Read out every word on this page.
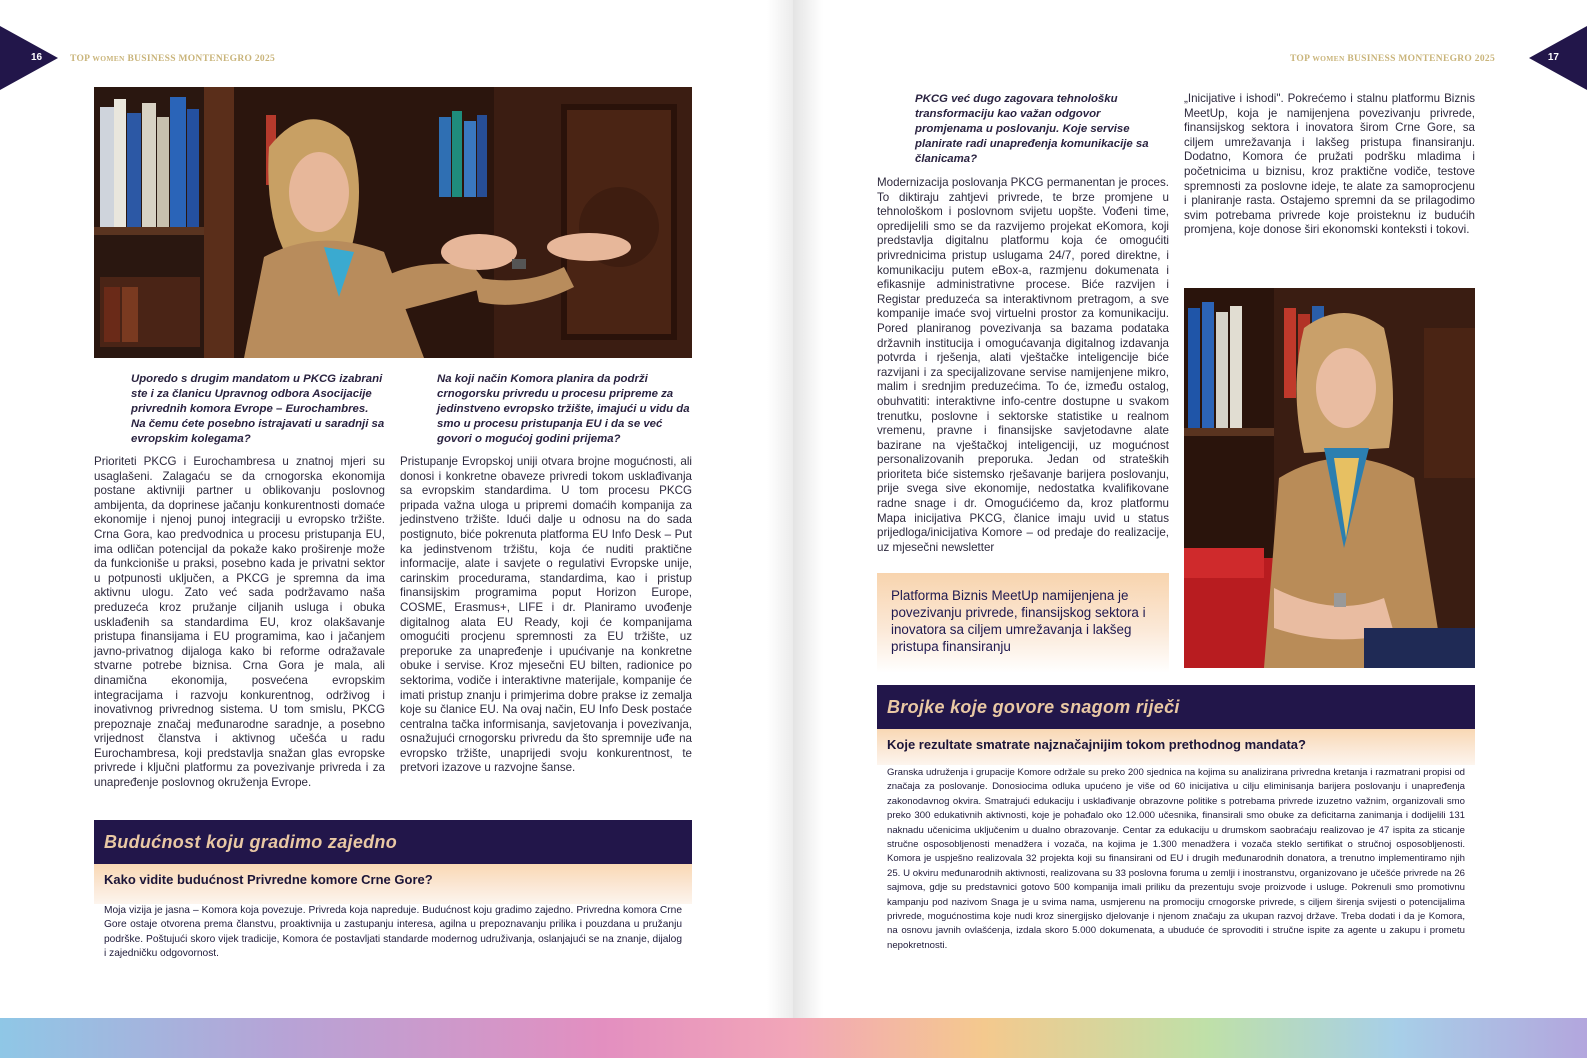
16	TOP WOMEN BUSINESS MONTENEGRO 2025

Uporedo s drugim mandatom u PKCG izabrani ste i za članicu Upravnog odbora Asocijacije privrednih komora Evrope – Eurochambres. Na čemu ćete posebno istrajavati u saradnji sa evropskim kolegama?

Na koji način Komora planira da podrži crnogorsku privredu u procesu pripreme za jedinstveno evropsko tržište, imajući u vidu da smo u procesu pristupanja EU i da se već govori o mogućoj godini prijema?

Prioriteti PKCG i Eurochambresa u znatnoj mjeri su usaglašeni. Zalagaću se da crnogorska ekonomija postane aktivniji partner u oblikovanju poslovnog ambijenta, da doprinese jačanju konkurentnosti domaće ekonomije i njenoj punoj integraciji u evropsko tržište. Crna Gora, kao predvodnica u procesu pristupanja EU, ima odličan potencijal da pokaže kako proširenje može da funkcioniše u praksi, posebno kada je privatni sektor u potpunosti uključen, a PKCG je spremna da ima aktivnu ulogu. Zato već sada podržavamo naša preduzeća kroz pružanje ciljanih usluga i obuka usklađenih sa standardima EU, kroz olakšavanje pristupa finansijama i EU programima, kao i jačanjem javno-privatnog dijaloga kako bi reforme odražavale stvarne potrebe biznisa. Crna Gora je mala, ali dinamična ekonomija, posvećena evropskim integracijama i razvoju konkurentnog, održivog i inovativnog privrednog sistema. U tom smislu, PKCG prepoznaje značaj međunarodne saradnje, a posebno vrijednost članstva i aktivnog učešća u radu Eurochambresa, koji predstavlja snažan glas evropske privrede i ključni platformu za povezivanje privreda i za unapređenje poslovnog okruženja Evrope.

Pristupanje Evropskoj uniji otvara brojne mogućnosti, ali donosi i konkretne obaveze privredi tokom usklađivanja sa evropskim standardima. U tom procesu PKCG pripada važna uloga u pripremi domaćih kompanija za jedinstveno tržište. Idući dalje u odnosu na do sada postignuto, biće pokrenuta platforma EU Info Desk – Put ka jedinstvenom tržištu, koja će nuditi praktične informacije, alate i savjete o regulativi Evropske unije, carinskim procedurama, standardima, kao i pristup finansijskim programima poput Horizon Europe, COSME, Erasmus+, LIFE i dr. Planiramo uvođenje digitalnog alata EU Ready, koji će kompanijama omogućiti procjenu spremnosti za EU tržište, uz preporuke za unapređenje i upućivanje na konkretne obuke i servise. Kroz mjesečni EU bilten, radionice po sektorima, vodiče i interaktivne materijale, kompanije će imati pristup znanju i primjerima dobre prakse iz zemalja koje su članice EU. Na ovaj način, EU Info Desk postaće centralna tačka informisanja, savjetovanja i povezivanja, osnažujući crnogorsku privredu da što spremnije uđe na evropsko tržište, unaprijedi svoju konkurentnost, te pretvori izazove u razvojne šanse.

Budućnost koju gradimo zajedno
Kako vidite budućnost Privredne komore Crne Gore?

Moja vizija je jasna – Komora koja povezuje. Privreda koja napreduje. Budućnost koju gradimo zajedno. Privredna komora Crne Gore ostaje otvorena prema članstvu, proaktivnija u zastupanju interesa, agilna u prepoznavanju prilika i pouzdana u pružanju podrške. Poštujući skoro vijek tradicije, Komora će postavljati standarde modernog udruživanja, oslanjajući se na znanje, dijalog i zajedničku odgovornost.

17
TOP WOMEN BUSINESS MONTENEGRO 2025

PKCG već dugo zagovara tehnološku transformaciju kao važan odgovor promjenama u poslovanju. Koje servise planirate radi unapređenja komunikacije sa članicama?

Modernizacija poslovanja PKCG permanentan je proces. To diktiraju zahtjevi privrede, te brze promjene u tehnološkom i poslovnom svijetu uopšte. Vođeni time, opredijelili smo se da razvijemo projekat eKomora, koji predstavlja digitalnu platformu koja će omogućiti privrednicima pristup uslugama 24/7, pored direktne, i komunikaciju putem eBox-a, razmjenu dokumenata i efikasnije administrativne procese. Biće razvijen i Registar preduzeća sa interaktivnom pretragom, a sve kompanije imaće svoj virtuelni prostor za komunikaciju. Pored planiranog povezivanja sa bazama podataka državnih institucija i omogućavanja digitalnog izdavanja potvrda i rješenja, alati vještačke inteligencije biće razvijani i za specijalizovane servise namijenjene mikro, malim i srednjim preduzećima. To će, između ostalog, obuhvatiti: interaktivne info-centre dostupne u svakom trenutku, poslovne i sektorske statistike u realnom vremenu, pravne i finansijske savjetodavne alate bazirane na vještačkoj inteligenciji, uz mogućnost personalizovanih preporuka. Jedan od strateških prioriteta biće sistemsko rješavanje barijera poslovanju, prije svega sive ekonomije, nedostatka kvalifikovane radne snage i dr. Omogućićemo da, kroz platformu Mapa inicijativa PKCG, članice imaju uvid u status prijedloga/inicijativa Komore – od predaje do realizacije, uz mjesečni newsletter

„Inicijative i ishodi". Pokrećemo i stalnu platformu Biznis MeetUp, koja je namijenjena povezivanju privrede, finansijskog sektora i inovatora širom Crne Gore, sa ciljem umrežavanja i lakšeg pristupa finansiranju. Dodatno, Komora će pružati podršku mladima i početnicima u biznisu, kroz praktične vodiče, testove spremnosti za poslovne ideje, te alate za samoprocjenu i planiranje rasta. Ostajemo spremni da se prilagodimo svim potrebama privrede koje proisteknu iz budućih promjena, koje donose širi ekonomski konteksti i tokovi.

Platforma Biznis MeetUp namijenjena je povezivanju privrede, finansijskog sektora i inovatora sa ciljem umrežavanja i lakšeg pristupa finansiranju
Brojke koje govore snagom riječi
Koje rezultate smatrate najznačajnijim tokom prethodnog mandata?

Granska udruženja i grupacije Komore održale su preko 200 sjednica na kojima su analizirana privredna kretanja i razmatrani propisi od značaja za poslovanje. Donosiocima odluka upućeno je više od 60 inicijativa u cilju eliminisanja barijera poslovanju i unapređenja zakonodavnog okvira. Smatrajući edukaciju i usklađivanje obrazovne politike s potrebama privrede izuzetno važnim, organizovali smo preko 300 edukativnih aktivnosti, koje je pohađalo oko 12.000 učesnika, finansirali smo obuke za deficitarna zanimanja i dodijelili 131 naknadu učenicima uključenim u dualno obrazovanje. Centar za edukaciju u drumskom saobraćaju realizovao je 47 ispita za sticanje stručne osposobljenosti menadžera i vozača, na kojima je 1.300 menadžera i vozača steklo sertifikat o stručnoj osposobljenosti. Komora je uspješno realizovala 32 projekta koji su finansirani od EU i drugih međunarodnih donatora, a trenutno implementiramo njih 25. U okviru međunarodnih aktivnosti, realizovana su 33 poslovna foruma u zemlji i inostranstvu, organizovano je učešće privrede na 26 sajmova, gdje su predstavnici gotovo 500 kompanija imali priliku da prezentuju svoje proizvode i usluge. Pokrenuli smo promotivnu kampanju pod nazivom Snaga je u svima nama, usmjerenu na promociju crnogorske privrede, s ciljem širenja svijesti o potencijalima privrede, mogućnostima koje nudi kroz sinergijsko djelovanje i njenom značaju za ukupan razvoj države. Treba dodati i da je Komora, na osnovu javnih ovlašćenja, izdala skoro 5.000 dokumenata, a ubuduće će sprovoditi i stručne ispite za agente u zakupu i prometu nepokretnosti.
